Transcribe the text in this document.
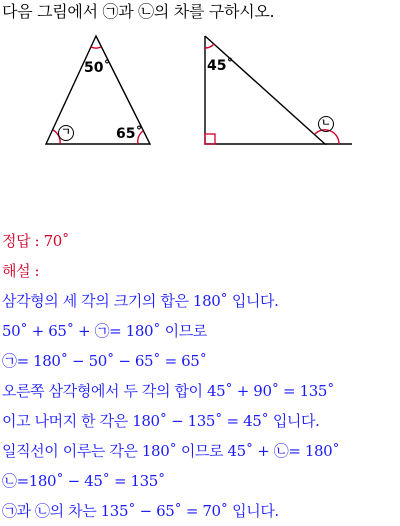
다음 그림에서 ㉠과 ㉡의 차를 구하시오.
50˚
65˚
ㄱ
45˚
ㄴ
정답 : 70˚
해설 :
삼각형의 세 각의 크기의 합은 180˚ 입니다.
50˚ + 65˚ + ㉠= 180˚ 이므로
㉠= 180˚ − 50˚ − 65˚ = 65˚
오른쪽 삼각형에서 두 각의 합이 45˚ + 90˚ = 135˚
이고 나머지 한 각은 180˚ − 135˚ = 45˚ 입니다.
일직선이 이루는 각은 180˚ 이므로 45˚ + ㉡= 180˚
㉡=180˚ − 45˚ = 135˚
㉠과 ㉡의 차는 135˚ − 65˚ = 70˚ 입니다.
